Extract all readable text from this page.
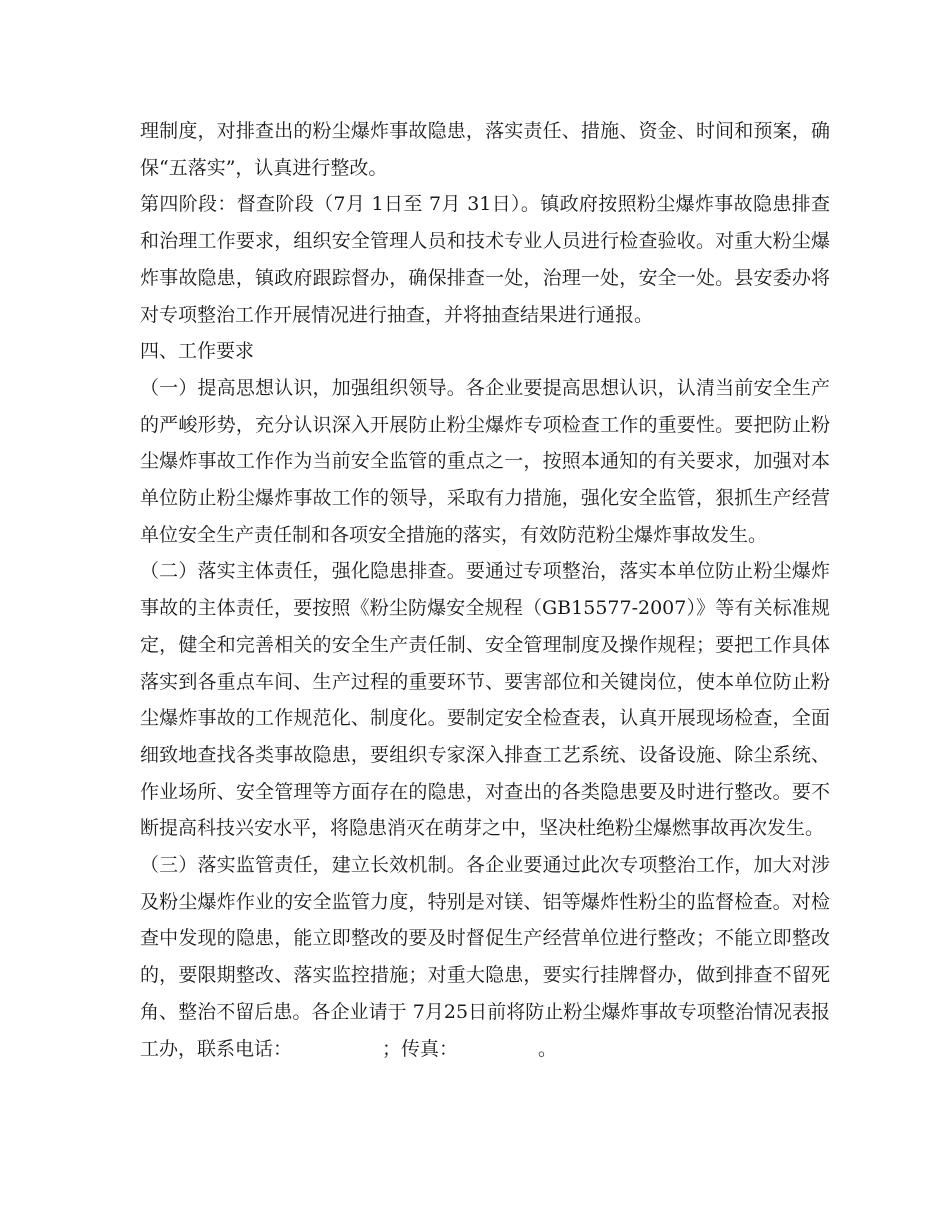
理制度，对排查出的粉尘爆炸事故隐患，落实责任、措施、资金、时间和预案，确保“五落实”，认真进行整改。

第四阶段：督查阶段（7月 1日至 7月 31日）。镇政府按照粉尘爆炸事故隐患排查和治理工作要求，组织安全管理人员和技术专业人员进行检查验收。对重大粉尘爆炸事故隐患，镇政府跟踪督办，确保排查一处，治理一处，安全一处。县安委办将对专项整治工作开展情况进行抽查，并将抽查结果进行通报。

四、工作要求

（一）提高思想认识，加强组织领导。各企业要提高思想认识，认清当前安全生产的严峻形势，充分认识深入开展防止粉尘爆炸专项检查工作的重要性。要把防止粉尘爆炸事故工作作为当前安全监管的重点之一，按照本通知的有关要求，加强对本单位防止粉尘爆炸事故工作的领导，采取有力措施，强化安全监管，狠抓生产经营单位安全生产责任制和各项安全措施的落实，有效防范粉尘爆炸事故发生。

（二）落实主体责任，强化隐患排查。要通过专项整治，落实本单位防止粉尘爆炸事故的主体责任，要按照《粉尘防爆安全规程（GB15577-2007）》等有关标准规定，健全和完善相关的安全生产责任制、安全管理制度及操作规程；要把工作具体落实到各重点车间、生产过程的重要环节、要害部位和关键岗位，使本单位防止粉尘爆炸事故的工作规范化、制度化。要制定安全检查表，认真开展现场检查，全面细致地查找各类事故隐患，要组织专家深入排查工艺系统、设备设施、除尘系统、作业场所、安全管理等方面存在的隐患，对查出的各类隐患要及时进行整改。要不断提高科技兴安水平，将隐患消灭在萌芽之中，坚决杜绝粉尘爆燃事故再次发生。

（三）落实监管责任，建立长效机制。各企业要通过此次专项整治工作，加大对涉及粉尘爆炸作业的安全监管力度，特别是对镁、铝等爆炸性粉尘的监督检查。对检查中发现的隐患，能立即整改的要及时督促生产经营单位进行整改；不能立即整改的，要限期整改、落实监控措施；对重大隐患，要实行挂牌督办，做到排查不留死角、整治不留后患。各企业请于 7月25日前将防止粉尘爆炸事故专项整治情况表报工办，联系电话：	；传真：	。
